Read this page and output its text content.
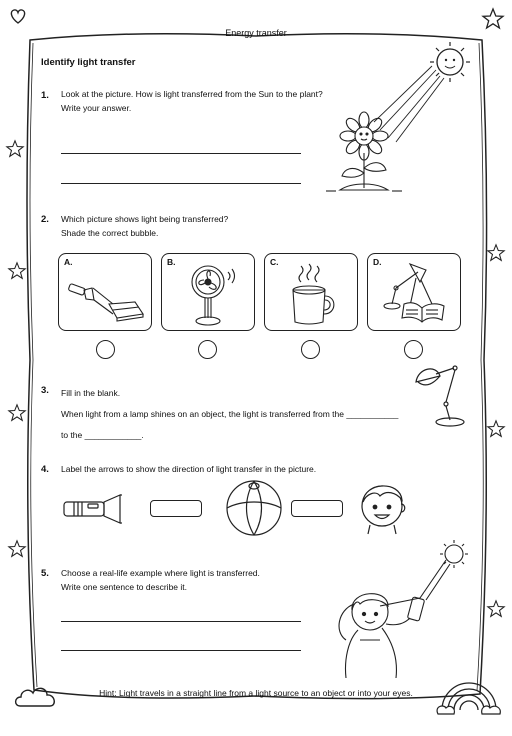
Energy transfer
Identify light transfer
1. Look at the picture. How is light transferred from the Sun to the plant?
Write your answer.
2. Which picture shows light being transferred?
Shade the correct bubble.
A.	B.	C.	D.
3. Fill in the blank.
When light from a lamp shines on an object, the light is transferred from the ___________
to the ____________.
4. Label the arrows to show the direction of light transfer in the picture.
5. Choose a real-life example where light is transferred.
Write one sentence to describe it.
Hint: Light travels in a straight line from a light source to an object or into your eyes.
